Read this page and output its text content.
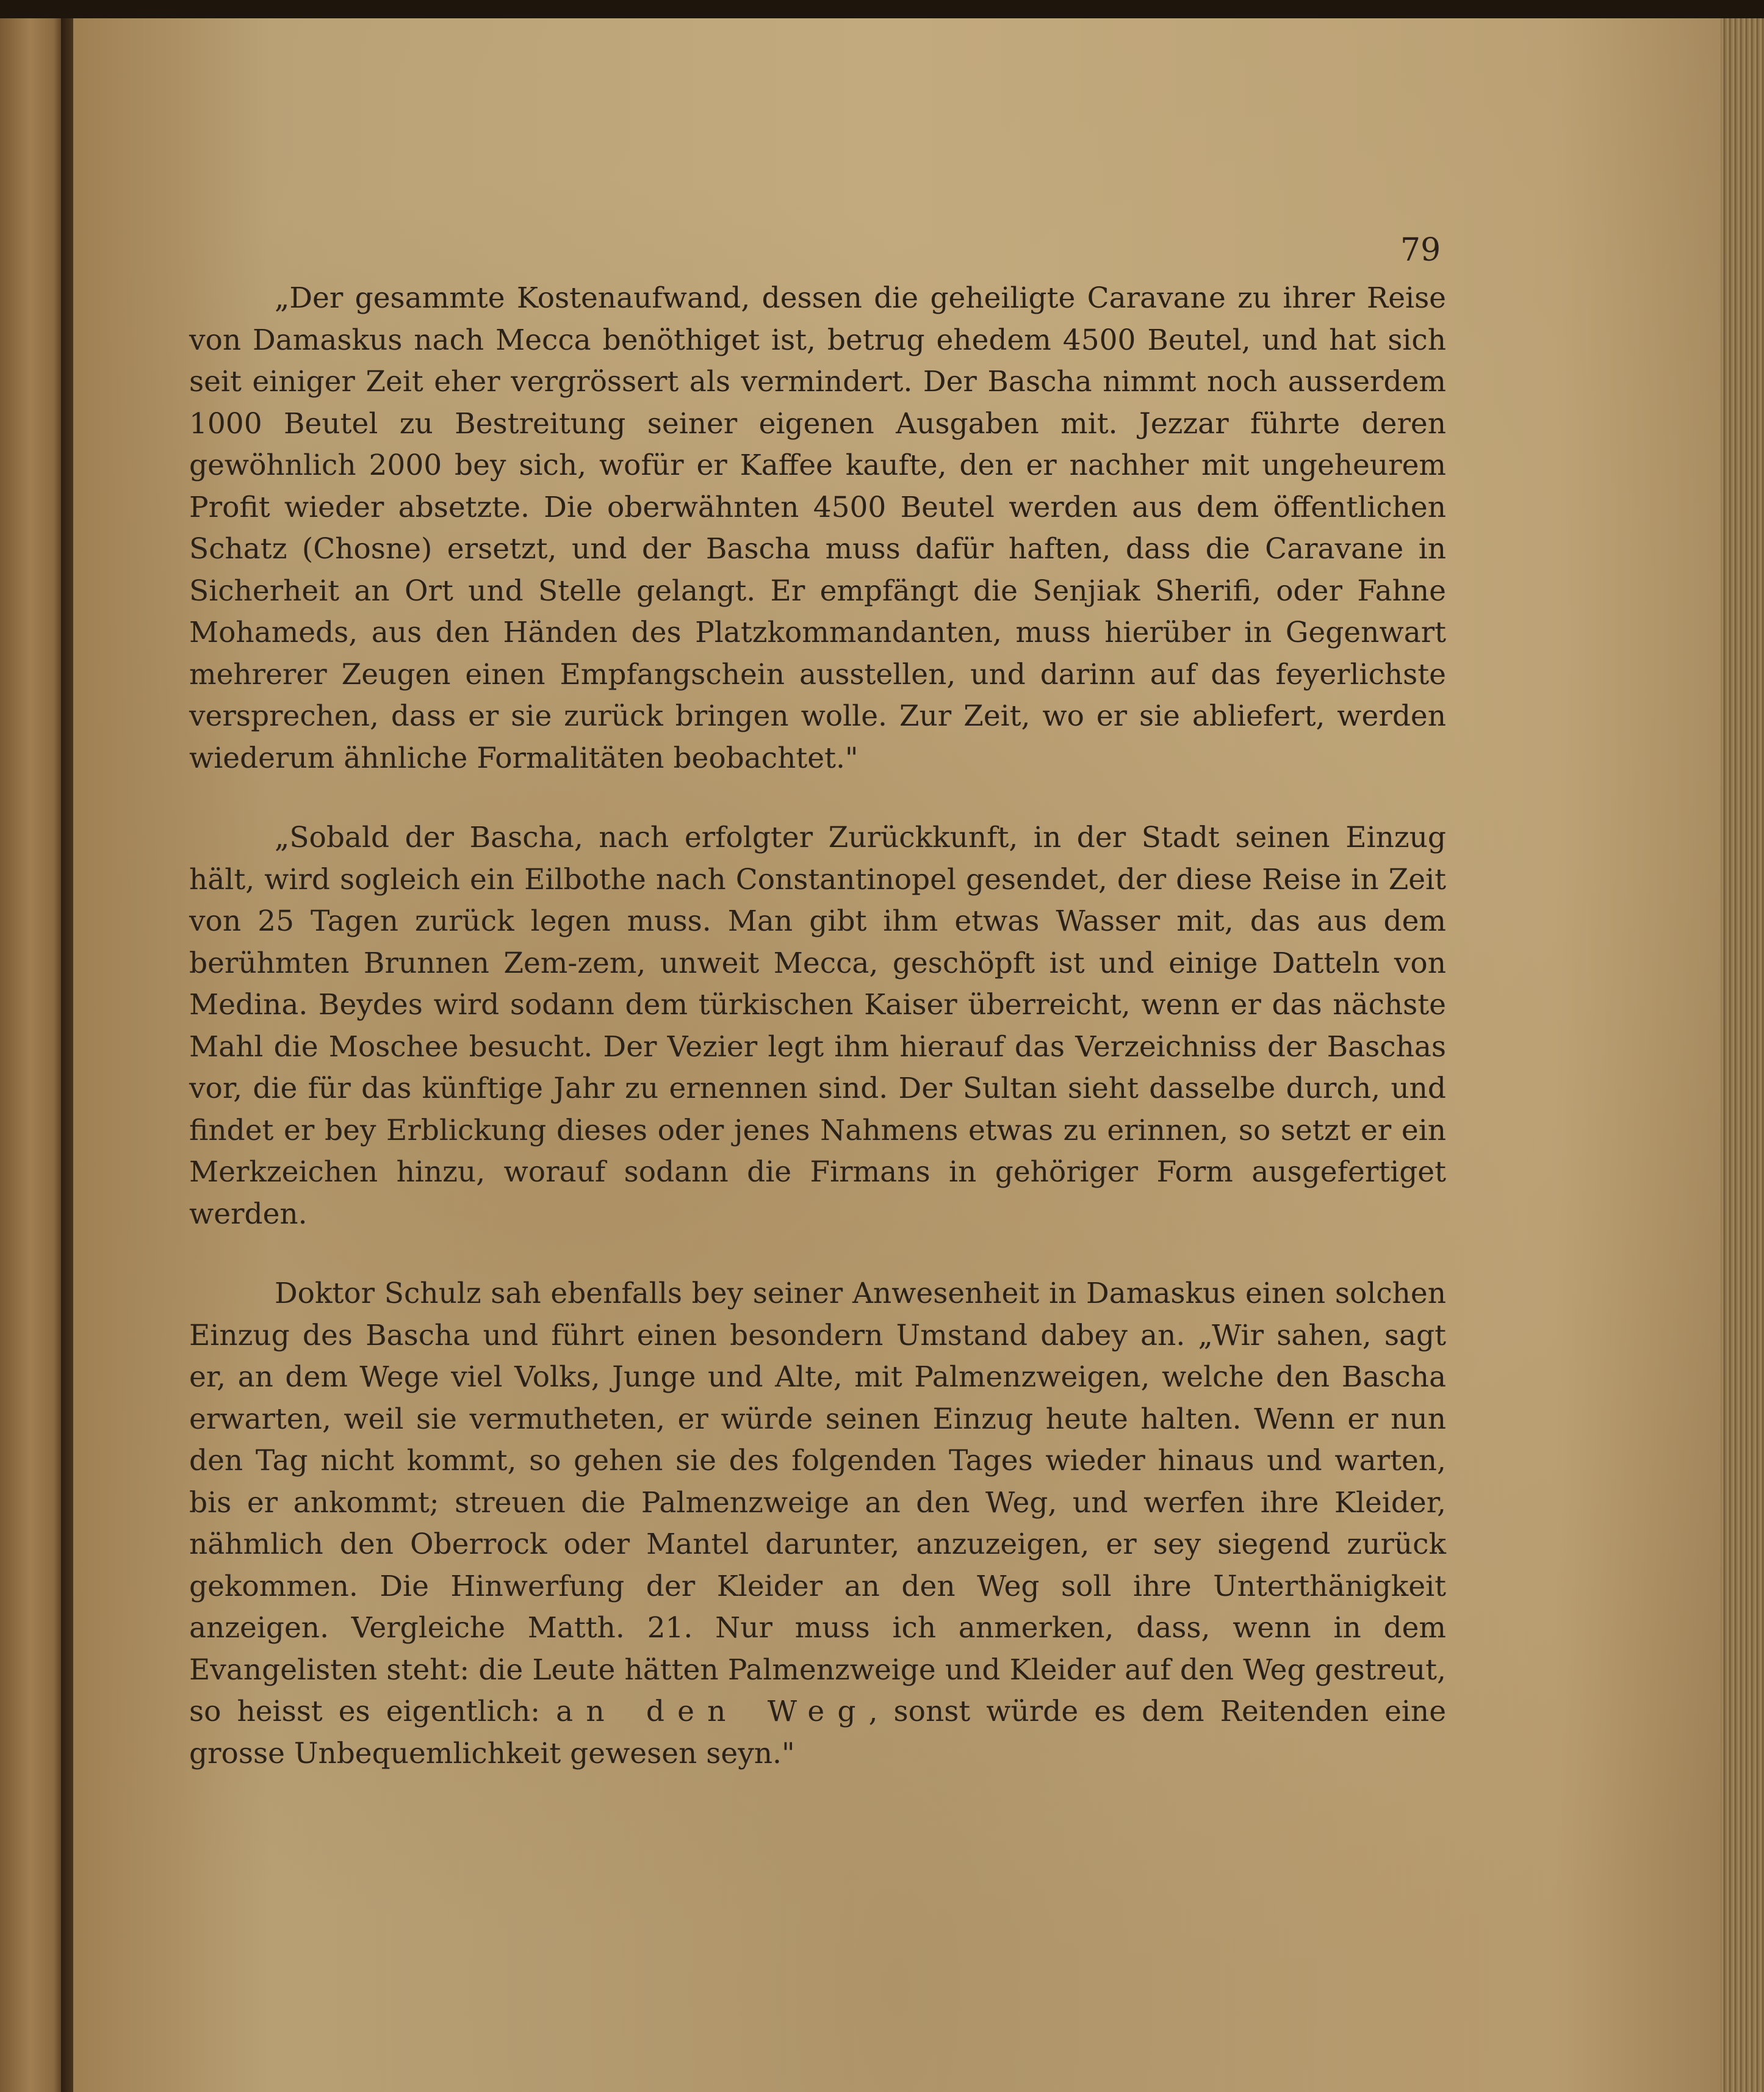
79

„Der gesammte Kostenaufwand, dessen die geheiligte Caravane zu ihrer Reise von Damaskus nach Mecca benöthiget ist, betrug ehedem 4500 Beutel, und hat sich seit einiger Zeit eher vergrössert als vermindert. Der Bascha nimmt noch ausserdem 1000 Beutel zu Bestreitung seiner eigenen Ausgaben mit. Jezzar führte deren gewöhnlich 2000 bey sich, wofür er Kaffee kaufte, den er nachher mit ungeheurem Profit wieder absetzte. Die oberwähnten 4500 Beutel werden aus dem öffentlichen Schatz (Chosne) ersetzt, und der Bascha muss dafür haften, dass die Caravane in Sicherheit an Ort und Stelle gelangt. Er empfängt die Senjiak Sherifi, oder Fahne Mohameds, aus den Händen des Platzkommandanten, muss hierüber in Gegenwart mehrerer Zeugen einen Empfangschein ausstellen, und darinn auf das feyerlichste versprechen, dass er sie zurück bringen wolle. Zur Zeit, wo er sie abliefert, werden wiederum ähnliche Formalitäten beobachtet."

„Sobald der Bascha, nach erfolgter Zurückkunft, in der Stadt seinen Einzug hält, wird sogleich ein Eilbothe nach Constantinopel gesendet, der diese Reise in Zeit von 25 Tagen zurück legen muss. Man gibt ihm etwas Wasser mit, das aus dem berühmten Brunnen Zem-zem, unweit Mecca, geschöpft ist und einige Datteln von Medina. Beydes wird sodann dem türkischen Kaiser überreicht, wenn er das nächste Mahl die Moschee besucht. Der Vezier legt ihm hierauf das Verzeichniss der Baschas vor, die für das künftige Jahr zu ernennen sind. Der Sultan sieht dasselbe durch, und findet er bey Erblickung dieses oder jenes Nahmens etwas zu erinnen, so setzt er ein Merkzeichen hinzu, worauf sodann die Firmans in gehöriger Form ausgefertiget werden.

Doktor Schulz sah ebenfalls bey seiner Anwesenheit in Damaskus einen solchen Einzug des Bascha und führt einen besondern Umstand dabey an. „Wir sahen, sagt er, an dem Wege viel Volks, Junge und Alte, mit Palmenzweigen, welche den Bascha erwarten, weil sie vermutheten, er würde seinen Einzug heute halten. Wenn er nun den Tag nicht kommt, so gehen sie des folgenden Tages wieder hinaus und warten, bis er ankommt; streuen die Palmenzweige an den Weg, und werfen ihre Kleider, nähmlich den Oberrock oder Mantel darunter, anzuzeigen, er sey siegend zurück gekommen. Die Hinwerfung der Kleider an den Weg soll ihre Unterthänigkeit anzeigen. Vergleiche Matth. 21. Nur muss ich anmerken, dass, wenn in dem Evangelisten steht: die Leute hätten Palmenzweige und Kleider auf den Weg gestreut, so heisst es eigentlich: an den Weg, sonst würde es dem Reitenden eine grosse Unbequemlichkeit gewesen seyn."
